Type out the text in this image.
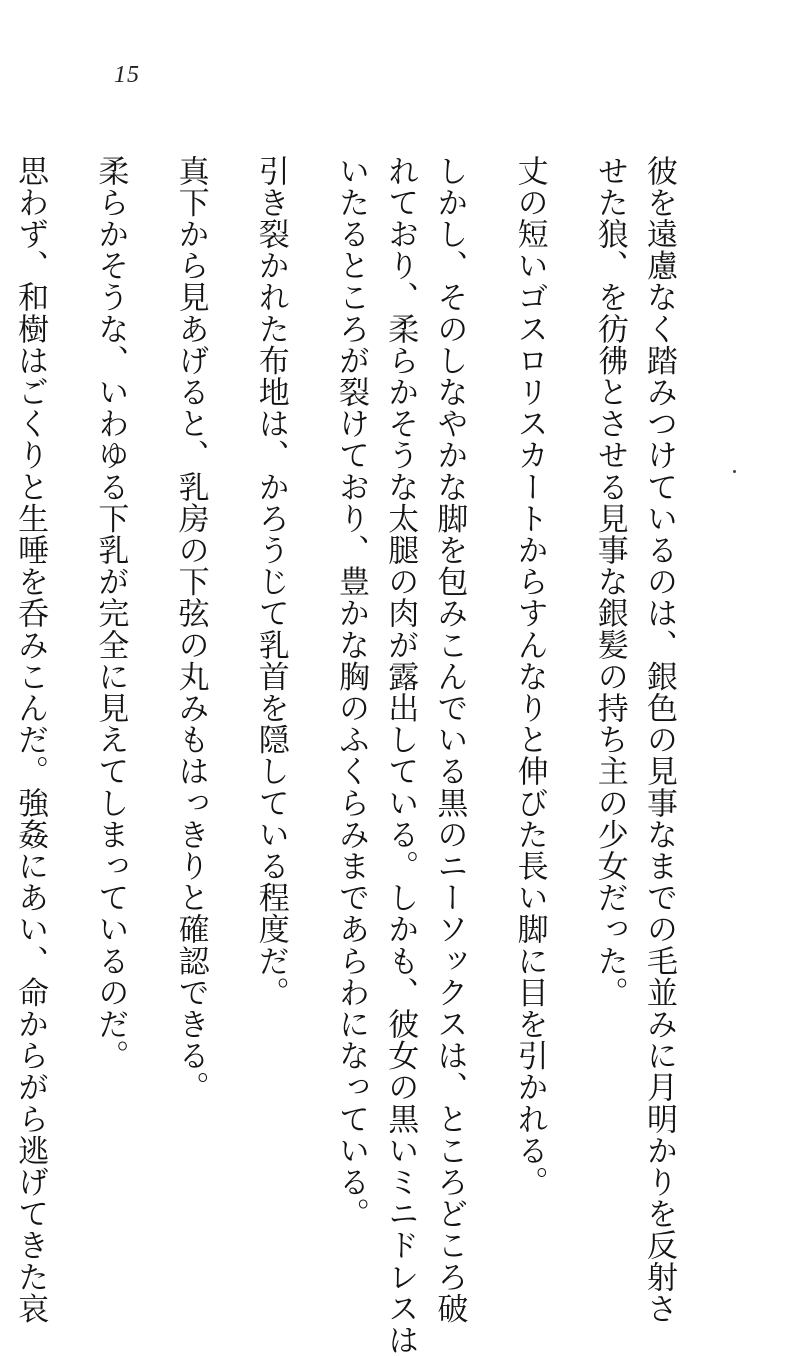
15
彼を遠慮なく踏みつけているのは、銀色の見事なまでの毛並みに月明かりを反射さ
せた狼、を彷彿とさせる見事な銀髪の持ち主の少女だった。
丈の短いゴスロリスカートからすんなりと伸びた長い脚に目を引かれる。
しかし、そのしなやかな脚を包みこんでいる黒のニーソックスは、ところどころ破
れており、柔らかそうな太腿の肉が露出している。しかも、彼女の黒いミニドレスは
いたるところが裂けており、豊かな胸のふくらみまであらわになっている。
引き裂かれた布地は、かろうじて乳首を隠している程度だ。
真下から見あげると、乳房の下弦の丸みもはっきりと確認できる。
柔らかそうな、いわゆる下乳が完全に見えてしまっているのだ。
思わず、和樹はごくりと生唾を呑みこんだ。強姦にあい、命からがら逃げてきた哀
